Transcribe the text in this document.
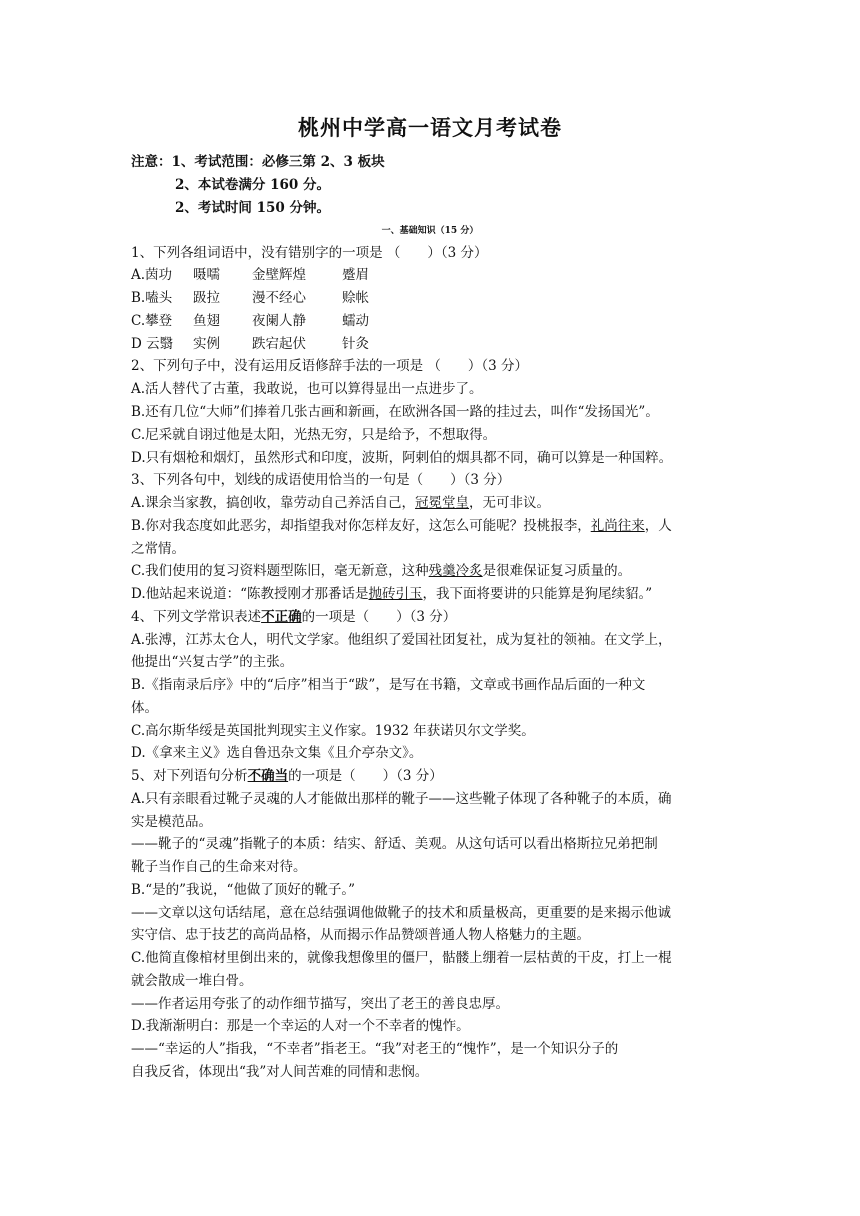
桃州中学高一语文月考试卷
注意：1、考试范围：必修三第 2、3 板块
2、本试卷满分 160 分。
2、考试时间 150 分钟。
一、基础知识（15 分）
1、下列各组词语中，没有错别字的一项是 （　　）（3 分）
A.茵功 嗫嚅 金壁辉煌	蹙眉
B.嗑头 趿拉 漫不经心	赊帐
C.攀登 鱼翅 夜阑人静	蠕动
D 云翳 实例 跌宕起伏	针灸
2、下列句子中，没有运用反语修辞手法的一项是 （　　）（3 分）
A.活人替代了古董，我敢说，也可以算得显出一点进步了。
B.还有几位“大师”们捧着几张古画和新画，在欧洲各国一路的挂过去，叫作“发扬国光”。
C.尼采就自诩过他是太阳，光热无穷，只是给予，不想取得。
D.只有烟枪和烟灯，虽然形式和印度，波斯，阿剌伯的烟具都不同，确可以算是一种国粹。
3、下列各句中，划线的成语使用恰当的一句是（　　）（3 分）
A.课余当家教，搞创收，靠劳动自己养活自己，冠冕堂皇，无可非议。
B.你对我态度如此恶劣，却指望我对你怎样友好，这怎么可能呢？投桃报李，礼尚往来，人
之常情。
C.我们使用的复习资料题型陈旧，毫无新意，这种残羹冷炙是很难保证复习质量的。
D.他站起来说道：“陈教授刚才那番话是抛砖引玉，我下面将要讲的只能算是狗尾续貂。”
4、下列文学常识表述不正确的一项是（　　）（3 分）
A.张溥，江苏太仓人，明代文学家。他组织了爱国社团复社，成为复社的领袖。在文学上，
他提出“兴复古学”的主张。
B.《指南录后序》中的“后序”相当于“跋”，是写在书籍，文章或书画作品后面的一种文
体。
C.高尔斯华绥是英国批判现实主义作家。1932 年获诺贝尔文学奖。
D.《拿来主义》选自鲁迅杂文集《且介亭杂文》。
5、对下列语句分析不确当的一项是（　　）（3 分）
A.只有亲眼看过靴子灵魂的人才能做出那样的靴子——这些靴子体现了各种靴子的本质，确
实是模范品。
——靴子的“灵魂”指靴子的本质：结实、舒适、美观。从这句话可以看出格斯拉兄弟把制
靴子当作自己的生命来对待。
B.“是的”我说，“他做了顶好的靴子。”
——文章以这句话结尾，意在总结强调他做靴子的技术和质量极高，更重要的是来揭示他诚
实守信、忠于技艺的高尚品格，从而揭示作品赞颂普通人物人格魅力的主题。
C.他简直像棺材里倒出来的，就像我想像里的僵尸，骷髅上绷着一层枯黄的干皮，打上一棍
就会散成一堆白骨。
——作者运用夸张了的动作细节描写，突出了老王的善良忠厚。
D.我渐渐明白：那是一个幸运的人对一个不幸者的愧怍。
——“幸运的人”指我，“不幸者”指老王。“我”对老王的“愧怍”，是一个知识分子的
自我反省，体现出“我”对人间苦难的同情和悲悯。
